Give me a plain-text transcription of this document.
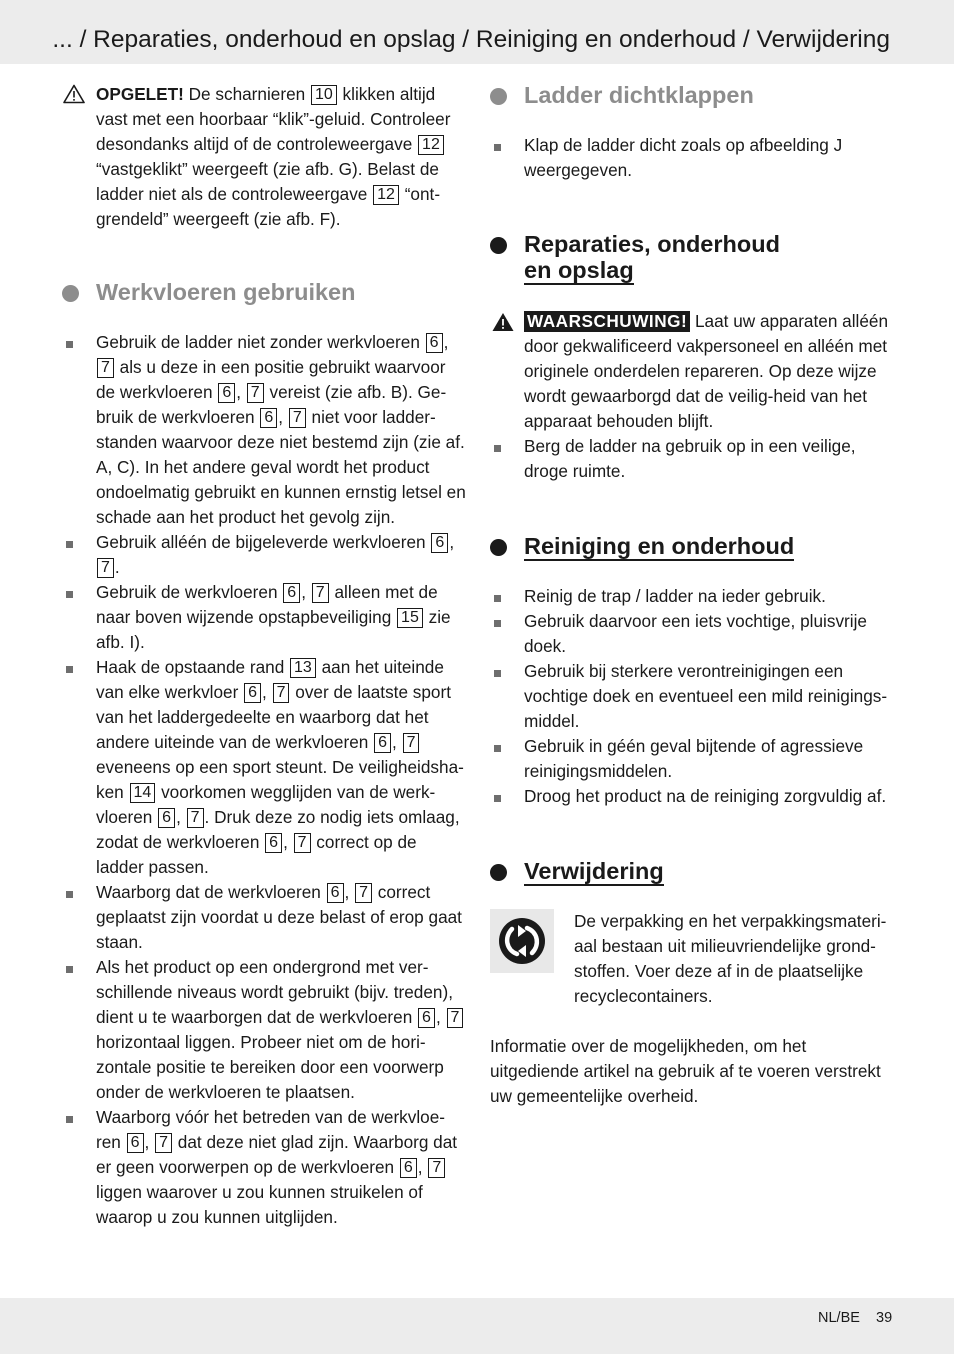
... / Reparaties, onderhoud en opslag / Reiniging en onderhoud / Verwijdering

OPGELET! De scharnieren 10 klikken altijd vast met een hoorbaar “klik”-geluid. Controleer desondanks altijd of de controleweergave 12 “vastgeklikt” weergeeft (zie afb. G). Belast de ladder niet als de controleweergave 12 “ont-grendeld” weergeeft (zie afb. F).

Werkvloeren gebruiken
Gebruik de ladder niet zonder werkvloeren 6 , 7 als u deze in een positie gebruikt waarvoor de werkvloeren 6 , 7 vereist (zie afb. B). Ge-bruik de werkvloeren 6 , 7 niet voor ladder-standen waarvoor deze niet bestemd zijn (zie af. A, C). In het andere geval wordt het product ondoelmatig gebruikt en kunnen ernstig letsel en schade aan het product het gevolg zijn.
Gebruik alléén de bijgeleverde werkvloeren 6 , 7 .
Gebruik de werkvloeren 6 , 7 alleen met de naar boven wijzende opstapbeveiliging 15 zie afb. I).
Haak de opstaande rand 13 aan het uiteinde van elke werkvloer 6 , 7 over de laatste sport van het laddergedeelte en waarborg dat het andere uiteinde van de werkvloeren 6 , 7 eveneens op een sport steunt. De veiligheidsha-ken 14 voorkomen wegglijden van de werk-vloeren 6 , 7 . Druk deze zo nodig iets omlaag, zodat de werkvloeren 6 , 7 correct op de ladder passen.
Waarborg dat de werkvloeren 6 , 7 correct geplaatst zijn voordat u deze belast of erop gaat staan.
Als het product op een ondergrond met ver-schillende niveaus wordt gebruikt (bijv. treden), dient u te waarborgen dat de werkvloeren 6 , 7 horizontaal liggen. Probeer niet om de hori-zontale positie te bereiken door een voorwerp onder de werkvloeren te plaatsen.
Waarborg vóór het betreden van de werkvloe-ren 6 , 7 dat deze niet glad zijn. Waarborg dat er geen voorwerpen op de werkvloeren 6 , 7 liggen waarover u zou kunnen struikelen of waarop u zou kunnen uitglijden.
Ladder dichtklappen
Klap de ladder dicht zoals op afbeelding J weergegeven.
Reparaties, onderhoud
en opslag

WAARSCHUWING! Laat uw apparaten alléén door gekwalificeerd vakpersoneel en alléén met originele onderdelen repareren. Op deze wijze wordt gewaarborgd dat de veilig-heid van het apparaat behouden blijft.

Berg de ladder na gebruik op in een veilige, droge ruimte.
Reiniging en onderhoud
Reinig de trap / ladder na ieder gebruik.
Gebruik daarvoor een iets vochtige, pluisvrije doek.
Gebruik bij sterkere verontreinigingen een vochtige doek en eventueel een mild reinigings-middel.
Gebruik in géén geval bijtende of agressieve reinigingsmiddelen.
Droog het product na de reiniging zorgvuldig af.
Verwijdering

De verpakking en het verpakkingsmateri-aal bestaan uit milieuvriendelijke grond-stoffen. Voer deze af in de plaatselijke recyclecontainers.

Informatie over de mogelijkheden, om het uitgediende artikel na gebruik af te voeren verstrekt uw gemeentelijke overheid.

NL/BE 39
